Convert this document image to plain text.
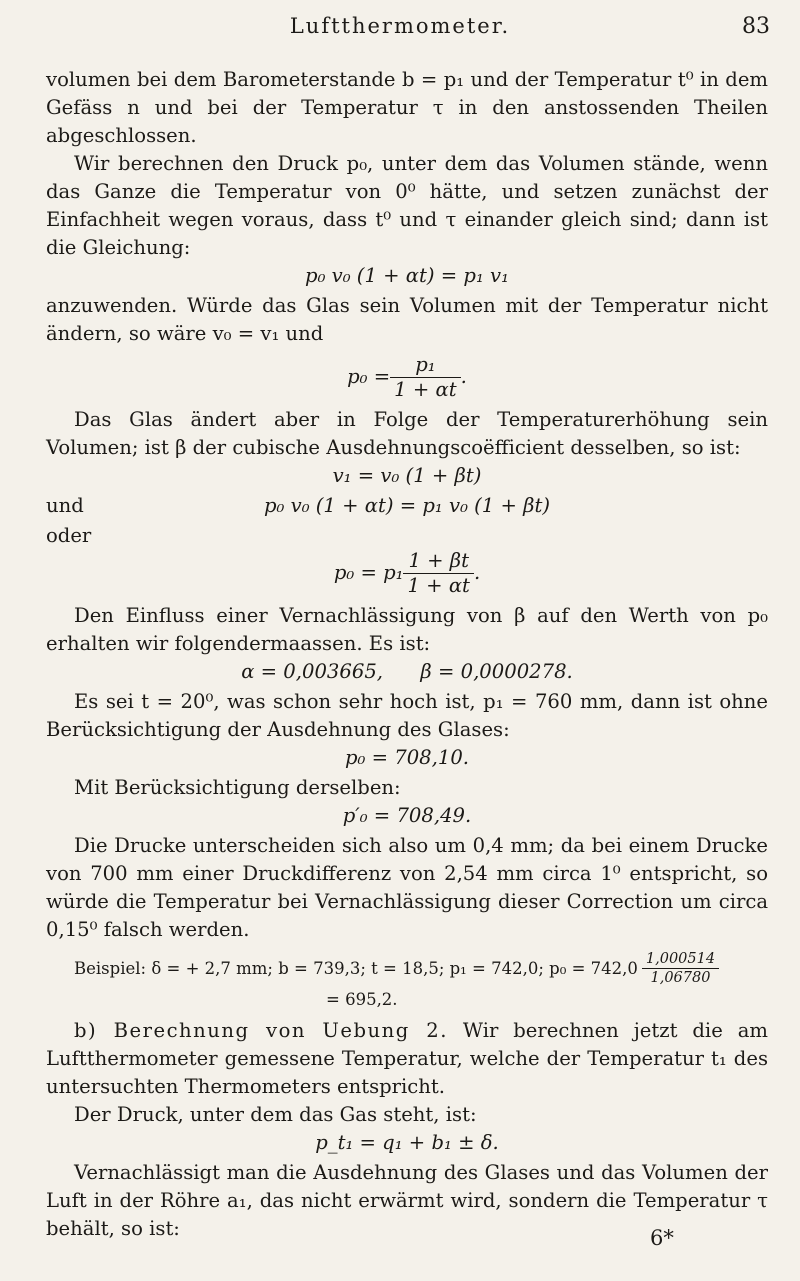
Luftthermometer.	83

volumen bei dem Barometerstande b = p₁ und der Temperatur t⁰ in dem Gefäss n und bei der Temperatur τ in den anstossenden Theilen abgeschlossen.

Wir berechnen den Druck p₀, unter dem das Volumen stände, wenn das Ganze die Temperatur von 0⁰ hätte, und setzen zunächst der Einfachheit wegen voraus, dass t⁰ und τ einander gleich sind; dann ist die Gleichung:

p₀ v₀ (1 + αt) = p₁ v₁

anzuwenden. Würde das Glas sein Volumen mit der Temperatur nicht ändern, so wäre v₀ = v₁ und

$p_0 = \frac{\text{p₁}}{1 + \alpha t}$ .

Das Glas ändert aber in Folge der Temperaturerhöhung sein Volumen; ist β der cubische Ausdehnungscoëfficient desselben, so ist:

v₁ = v₀ (1 + βt)
und	p₀ v₀ (1 + αt) = p₁ v₀ (1 + βt)
oder
$p_0 = p_1 \frac{1 + \beta t}{1 + \alpha t}$ .

Den Einfluss einer Vernachlässigung von β auf den Werth von p₀ erhalten wir folgendermaassen. Es ist:

α = 0,003665,      β = 0,0000278.

Es sei t = 20⁰, was schon sehr hoch ist, p₁ = 760 mm, dann ist ohne Berücksichtigung der Ausdehnung des Glases:

p₀ = 708,10.

Mit Berücksichtigung derselben:

p′₀ = 708,49.

Die Drucke unterscheiden sich also um 0,4 mm; da bei einem Drucke von 700 mm einer Druckdifferenz von 2,54 mm circa 1⁰ entspricht, so würde die Temperatur bei Vernachlässigung dieser Correction um circa 0,15⁰ falsch werden.

Beispiel: δ = + 2,7 mm; b = 739,3; t = 18,5; p₁ = 742,0; $p_0 = 742,0 \frac{1,000514}{1,06780}$
= 695,2.

b) Berechnung von Uebung 2. Wir berechnen jetzt die am Luftthermometer gemessene Temperatur, welche der Temperatur t₁ des untersuchten Thermometers entspricht.

Der Druck, unter dem das Gas steht, ist:

p_t₁ = q₁ + b₁ ± δ.

Vernachlässigt man die Ausdehnung des Glases und das Volumen der Luft in der Röhre a₁, das nicht erwärmt wird, sondern die Temperatur τ behält, so ist:	6*
